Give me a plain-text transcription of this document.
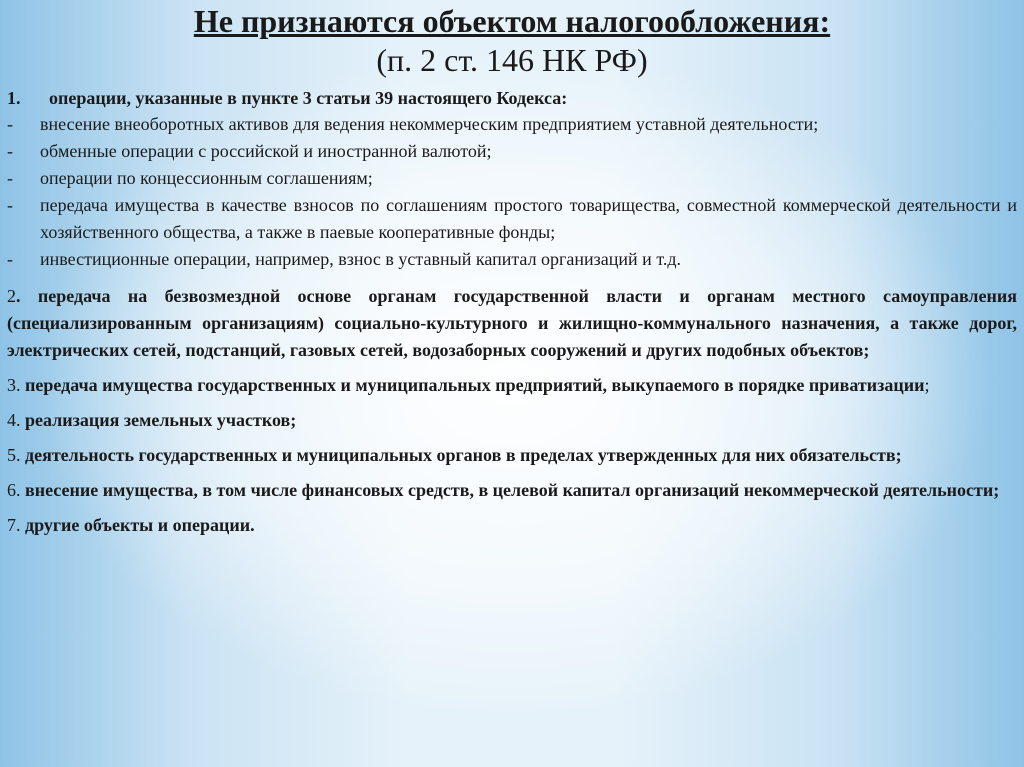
Не признаются объектом налогообложения:
(п. 2 ст. 146 НК РФ)
1.	операции, указанные в пункте 3 статьи 39 настоящего Кодекса:
-	внесение внеоборотных активов для ведения некоммерческим предприятием уставной деятельности;
-	обменные операции с российской и иностранной валютой;
-	операции по концессионным соглашениям;
-	передача имущества в качестве взносов по соглашениям простого товарищества, совместной коммерческой деятельности и хозяйственного общества, а также в паевые кооперативные фонды;
-	инвестиционные операции, например, взнос в уставный капитал организаций и т.д.
2. передача на безвозмездной основе органам государственной власти и органам местного самоуправления (специализированным организациям) социально-культурного и жилищно-коммунального назначения, а также дорог, электрических сетей, подстанций, газовых сетей, водозаборных сооружений и других подобных объектов;
3. передача имущества государственных и муниципальных предприятий, выкупаемого в порядке приватизации;
4. реализация земельных участков;
5. деятельность государственных и муниципальных органов в пределах утвержденных для них обязательств;
6. внесение имущества, в том числе финансовых средств, в целевой капитал организаций некоммерческой деятельности;
7. другие объекты и операции.
